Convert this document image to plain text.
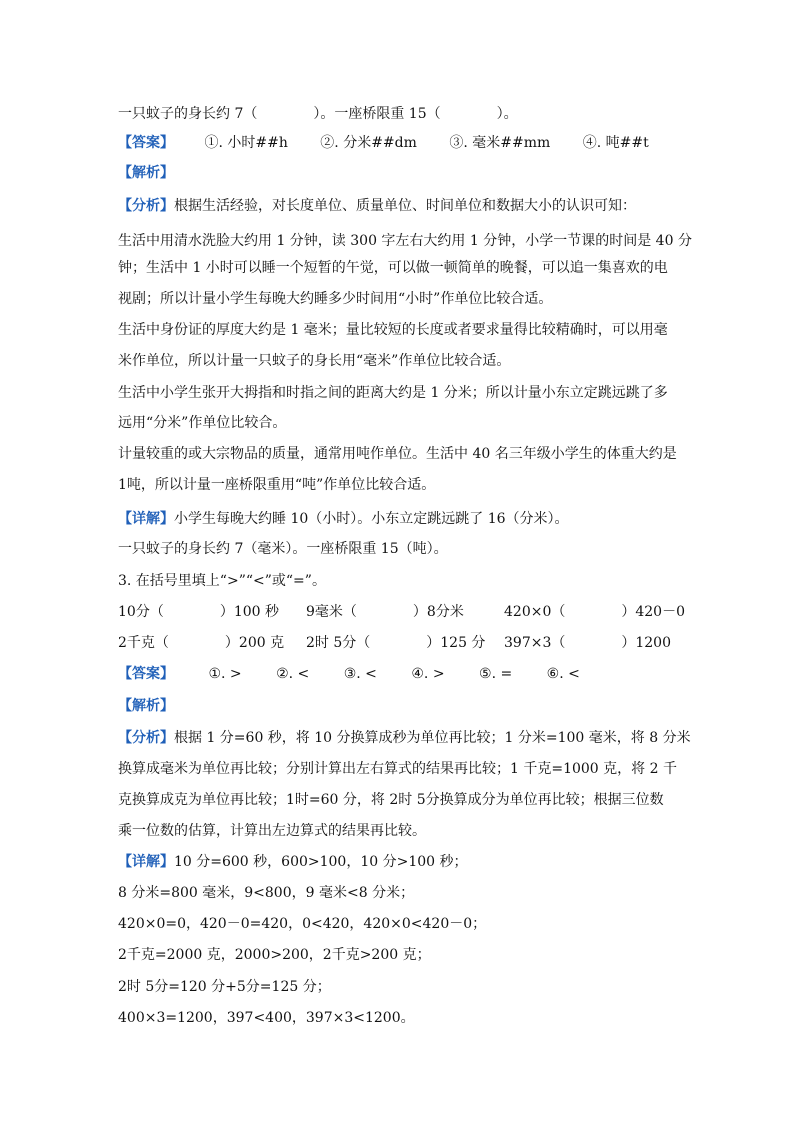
一只蚊子的身长约 7（　　　　）。一座桥限重 15（　　　　）。
【答案】 ①. 小时##h ②. 分米##dm ③. 毫米##mm ④. 吨##t
【解析】
【分析】根据生活经验，对长度单位、质量单位、时间单位和数据大小的认识可知：
生活中用清水洗脸大约用 1 分钟，读 300 字左右大约用 1 分钟，小学一节课的时间是 40 分
钟；生活中 1 小时可以睡一个短暂的午觉，可以做一顿简单的晚餐，可以追一集喜欢的电
视剧；所以计量小学生每晚大约睡多少时间用“小时”作单位比较合适。
生活中身份证的厚度大约是 1 毫米；量比较短的长度或者要求量得比较精确时，可以用毫
米作单位，所以计量一只蚊子的身长用“毫米”作单位比较合适。
生活中小学生张开大拇指和时指之间的距离大约是 1 分米；所以计量小东立定跳远跳了多
远用“分米”作单位比较合。
计量较重的或大宗物品的质量，通常用吨作单位。生活中 40 名三年级小学生的体重大约是
1吨，所以计量一座桥限重用“吨”作单位比较合适。
【详解】小学生每晚大约睡 10（小时）。小东立定跳远跳了 16（分米）。
一只蚊子的身长约 7（毫米）。一座桥限重 15（吨）。
3. 在括号里填上“>”“<”或“=”。
10分（　　　　）100 秒 9毫米（　　　　）8分米	420×0（　　　　）420－0
2千克（　　　　）200 克 2时 5分（　　　　）125 分 397×3（　　　　）1200
【答案】 ①. > ②. < ③. < ④. > ⑤. = ⑥. <
【解析】
【分析】根据 1 分=60 秒，将 10 分换算成秒为单位再比较；1 分米=100 毫米，将 8 分米
换算成毫米为单位再比较；分别计算出左右算式的结果再比较；1 千克=1000 克，将 2 千
克换算成克为单位再比较；1时=60 分，将 2时 5分换算成分为单位再比较；根据三位数
乘一位数的估算，计算出左边算式的结果再比较。
【详解】10 分=600 秒，600>100，10 分>100 秒；
8 分米=800 毫米，9<800，9 毫米<8 分米；
420×0=0，420－0=420，0<420，420×0<420－0；
2千克=2000 克，2000>200，2千克>200 克；
2时 5分=120 分+5分=125 分；
400×3=1200，397<400，397×3<1200。
